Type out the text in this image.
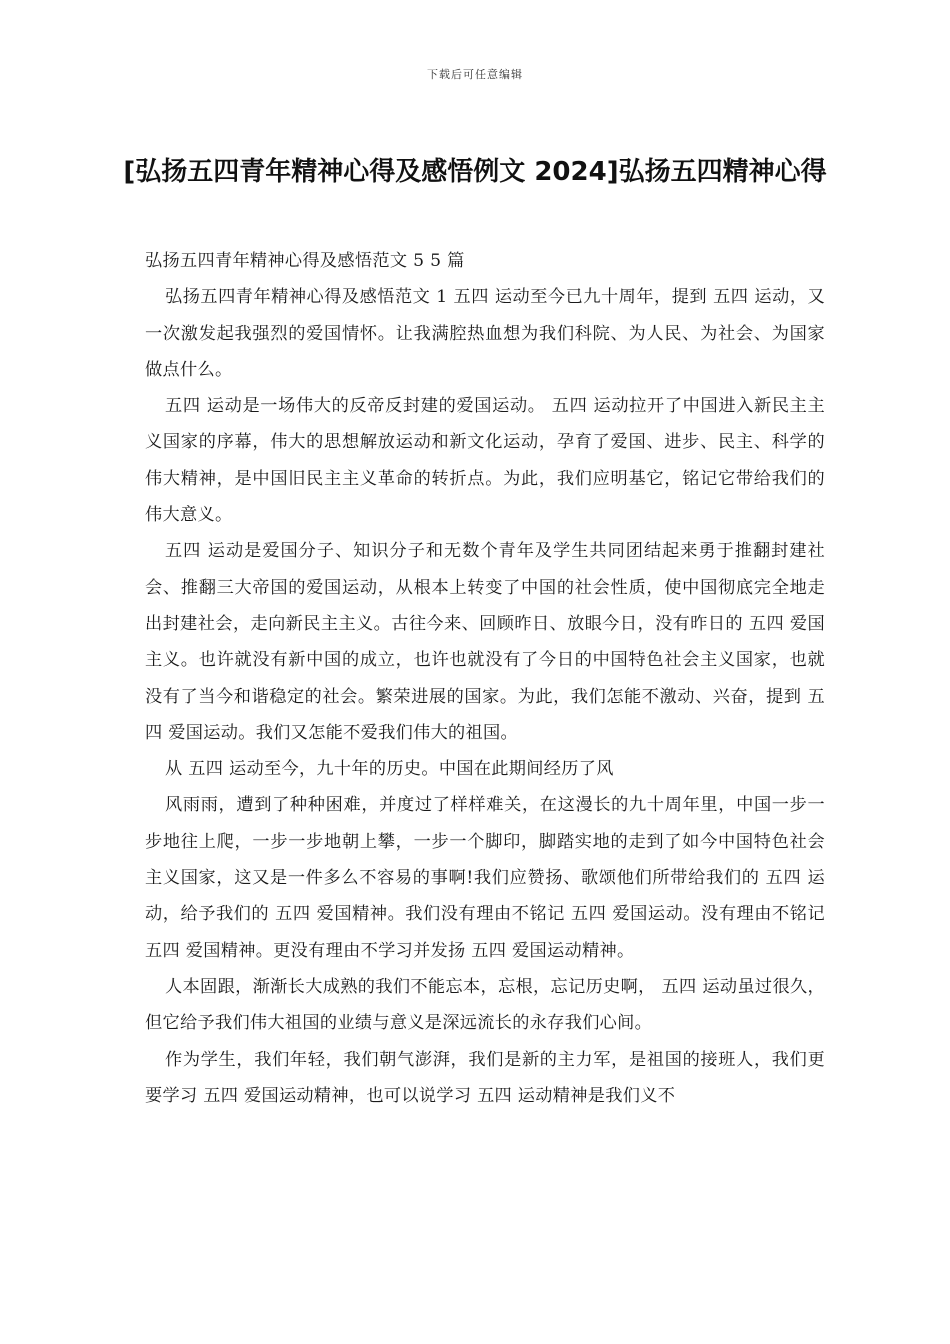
下载后可任意编辑
[弘扬五四青年精神心得及感悟例文 2024]弘扬五四精神心得

弘扬五四青年精神心得及感悟范文 5 5 篇

弘扬五四青年精神心得及感悟范文 1 五四 运动至今已九十周年，提到 五四 运动，又一次激发起我强烈的爱国情怀。让我满腔热血想为我们科院、为人民、为社会、为国家做点什么。

五四 运动是一场伟大的反帝反封建的爱国运动。 五四 运动拉开了中国进入新民主主义国家的序幕，伟大的思想解放运动和新文化运动，孕育了爱国、进步、民主、科学的伟大精神，是中国旧民主主义革命的转折点。为此，我们应明基它，铭记它带给我们的伟大意义。

五四 运动是爱国分子、知识分子和无数个青年及学生共同团结起来勇于推翻封建社会、推翻三大帝国的爱国运动，从根本上转变了中国的社会性质，使中国彻底完全地走出封建社会，走向新民主主义。古往今来、回顾昨日、放眼今日，没有昨日的 五四 爱国主义。也许就没有新中国的成立，也许也就没有了今日的中国特色社会主义国家，也就没有了当今和谐稳定的社会。繁荣进展的国家。为此，我们怎能不激动、兴奋，提到 五四 爱国运动。我们又怎能不爱我们伟大的祖国。

从 五四 运动至今，九十年的历史。中国在此期间经历了风

风雨雨，遭到了种种困难，并度过了样样难关，在这漫长的九十周年里，中国一步一步地往上爬，一步一步地朝上攀，一步一个脚印，脚踏实地的走到了如今中国特色社会主义国家，这又是一件多么不容易的事啊!我们应赞扬、歌颂他们所带给我们的 五四 运动，给予我们的 五四 爱国精神。我们没有理由不铭记 五四 爱国运动。没有理由不铭记 五四 爱国精神。更没有理由不学习并发扬 五四 爱国运动精神。

人本固跟，渐渐长大成熟的我们不能忘本，忘根，忘记历史啊， 五四 运动虽过很久，但它给予我们伟大祖国的业绩与意义是深远流长的永存我们心间。

作为学生，我们年轻，我们朝气澎湃，我们是新的主力军，是祖国的接班人，我们更要学习 五四 爱国运动精神，也可以说学习 五四 运动精神是我们义不
